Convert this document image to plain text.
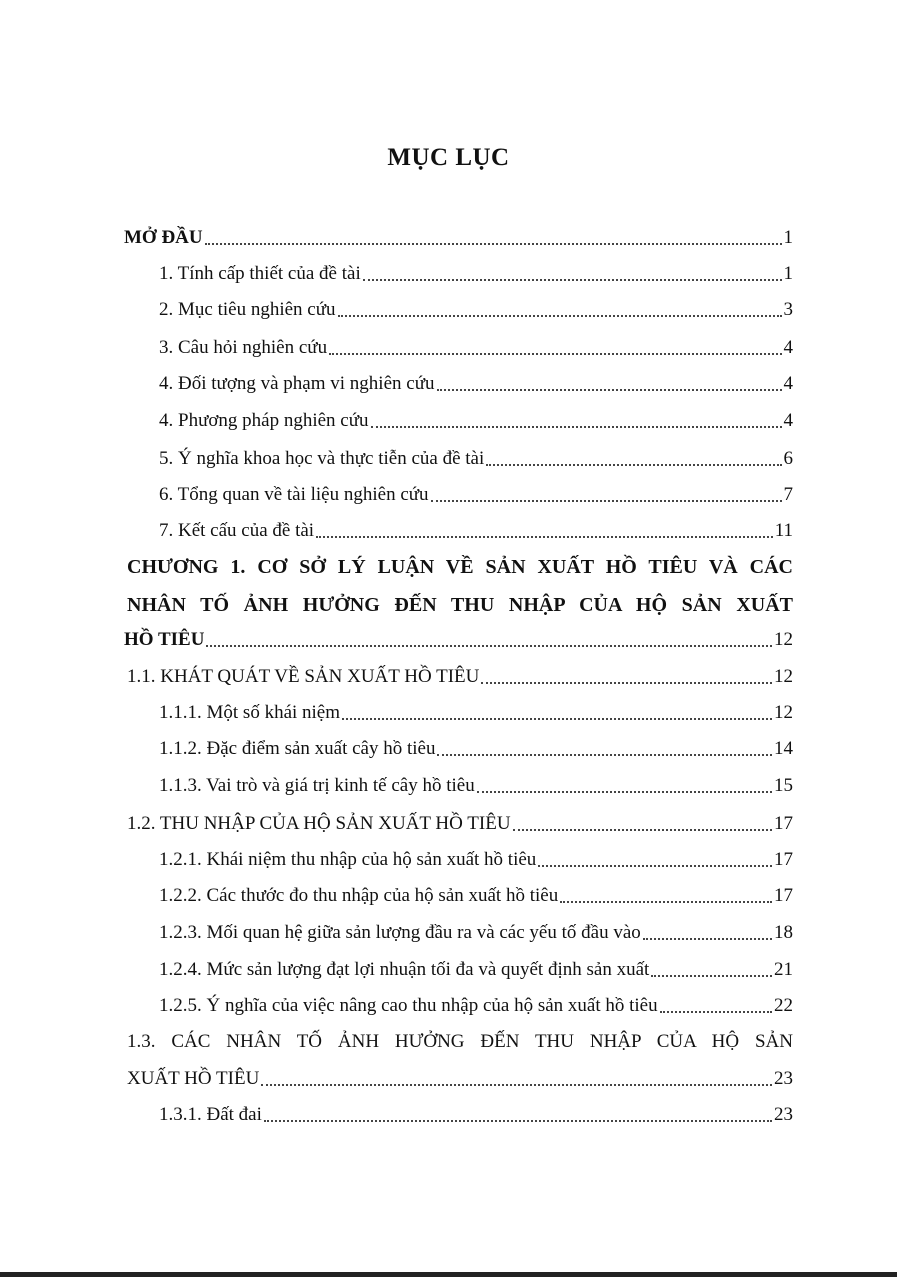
MỤC LỤC
MỞ ĐẦU	1
1. Tính cấp thiết của đề tài	1
2. Mục tiêu nghiên cứu	3
3. Câu hỏi nghiên cứu	4
4. Đối tượng và phạm vi nghiên cứu	4
4. Phương pháp nghiên cứu	4
5. Ý nghĩa khoa học và thực tiễn của đề tài	6
6. Tổng quan về tài liệu nghiên cứu	7
7. Kết cấu của đề tài	11
CHƯƠNG 1. CƠ SỞ LÝ LUẬN VỀ SẢN XUẤT HỒ TIÊU VÀ CÁC
NHÂN TỐ ẢNH HƯỞNG ĐẾN THU NHẬP CỦA HỘ SẢN XUẤT
HỒ TIÊU	12
1.1. KHÁT QUÁT VỀ SẢN XUẤT HỒ TIÊU	12
1.1.1. Một số khái niệm	12
1.1.2. Đặc điểm sản xuất cây hồ tiêu	14
1.1.3. Vai trò và giá trị kinh tế cây hồ tiêu	15
1.2. THU NHẬP CỦA HỘ SẢN XUẤT HỒ TIÊU	17
1.2.1. Khái niệm thu nhập của hộ sản xuất hồ tiêu	17
1.2.2. Các thước đo thu nhập của hộ sản xuất hồ tiêu	17
1.2.3. Mối quan hệ giữa sản lượng đầu ra và các yếu tố đầu vào	18
1.2.4. Mức sản lượng đạt lợi nhuận tối đa và quyết định sản xuất	21
1.2.5. Ý nghĩa của việc nâng cao thu nhập của hộ sản xuất hồ tiêu	22
1.3. CÁC NHÂN TỐ ẢNH HƯỞNG ĐẾN THU NHẬP CỦA HỘ SẢN
XUẤT HỒ TIÊU	23
1.3.1. Đất đai	23
